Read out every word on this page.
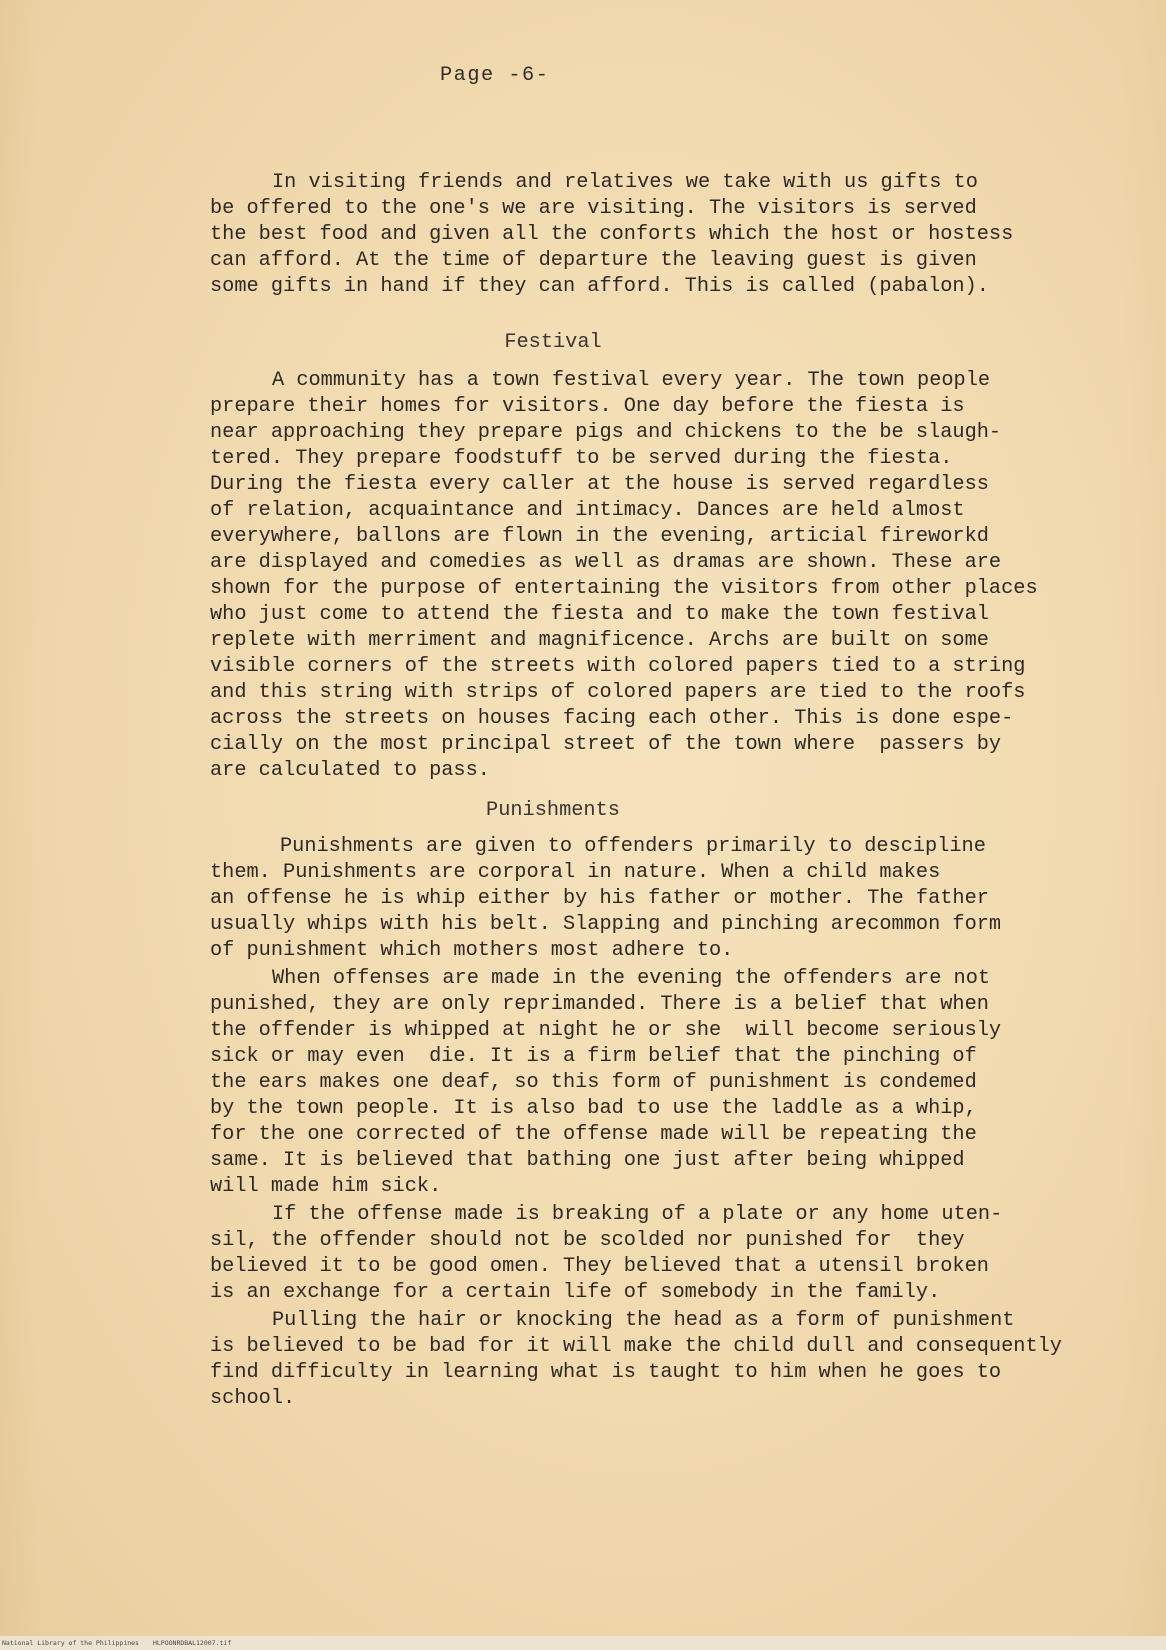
Page -6-
In visiting friends and relatives we take with us gifts to
be offered to the one's we are visiting. The visitors is served
the best food and given all the conforts which the host or hostess
can afford. At the time of departure the leaving guest is given
some gifts in hand if they can afford. This is called (pabalon).
Festival
A community has a town festival every year. The town people
prepare their homes for visitors. One day before the fiesta is
near approaching they prepare pigs and chickens to the be slaugh-
tered. They prepare foodstuff to be served during the fiesta.
During the fiesta every caller at the house is served regardless
of relation, acquaintance and intimacy. Dances are held almost
everywhere, ballons are flown in the evening, articial fireworkd
are displayed and comedies as well as dramas are shown. These are
shown for the purpose of entertaining the visitors from other places
who just come to attend the fiesta and to make the town festival
replete with merriment and magnificence. Archs are built on some
visible corners of the streets with colored papers tied to a string
and this string with strips of colored papers are tied to the roofs
across the streets on houses facing each other. This is done espe-
cially on the most principal street of the town where  passers by
are calculated to pass.
Punishments
Punishments are given to offenders primarily to descipline
them. Punishments are corporal in nature. When a child makes
an offense he is whip either by his father or mother. The father
usually whips with his belt. Slapping and pinching arecommon form
of punishment which mothers most adhere to.
When offenses are made in the evening the offenders are not
punished, they are only reprimanded. There is a belief that when
the offender is whipped at night he or she  will become seriously
sick or may even  die. It is a firm belief that the pinching of
the ears makes one deaf, so this form of punishment is condemed
by the town people. It is also bad to use the laddle as a whip,
for the one corrected of the offense made will be repeating the
same. It is believed that bathing one just after being whipped
will made him sick.
If the offense made is breaking of a plate or any home uten-
sil, the offender should not be scolded nor punished for  they
believed it to be good omen. They believed that a utensil broken
is an exchange for a certain life of somebody in the family.
Pulling the hair or knocking the head as a form of punishment
is believed to be bad for it will make the child dull and consequently
find difficulty in learning what is taught to him when he goes to
school.
National Library of the Philippines HLPOONRDBAL12007.tif
